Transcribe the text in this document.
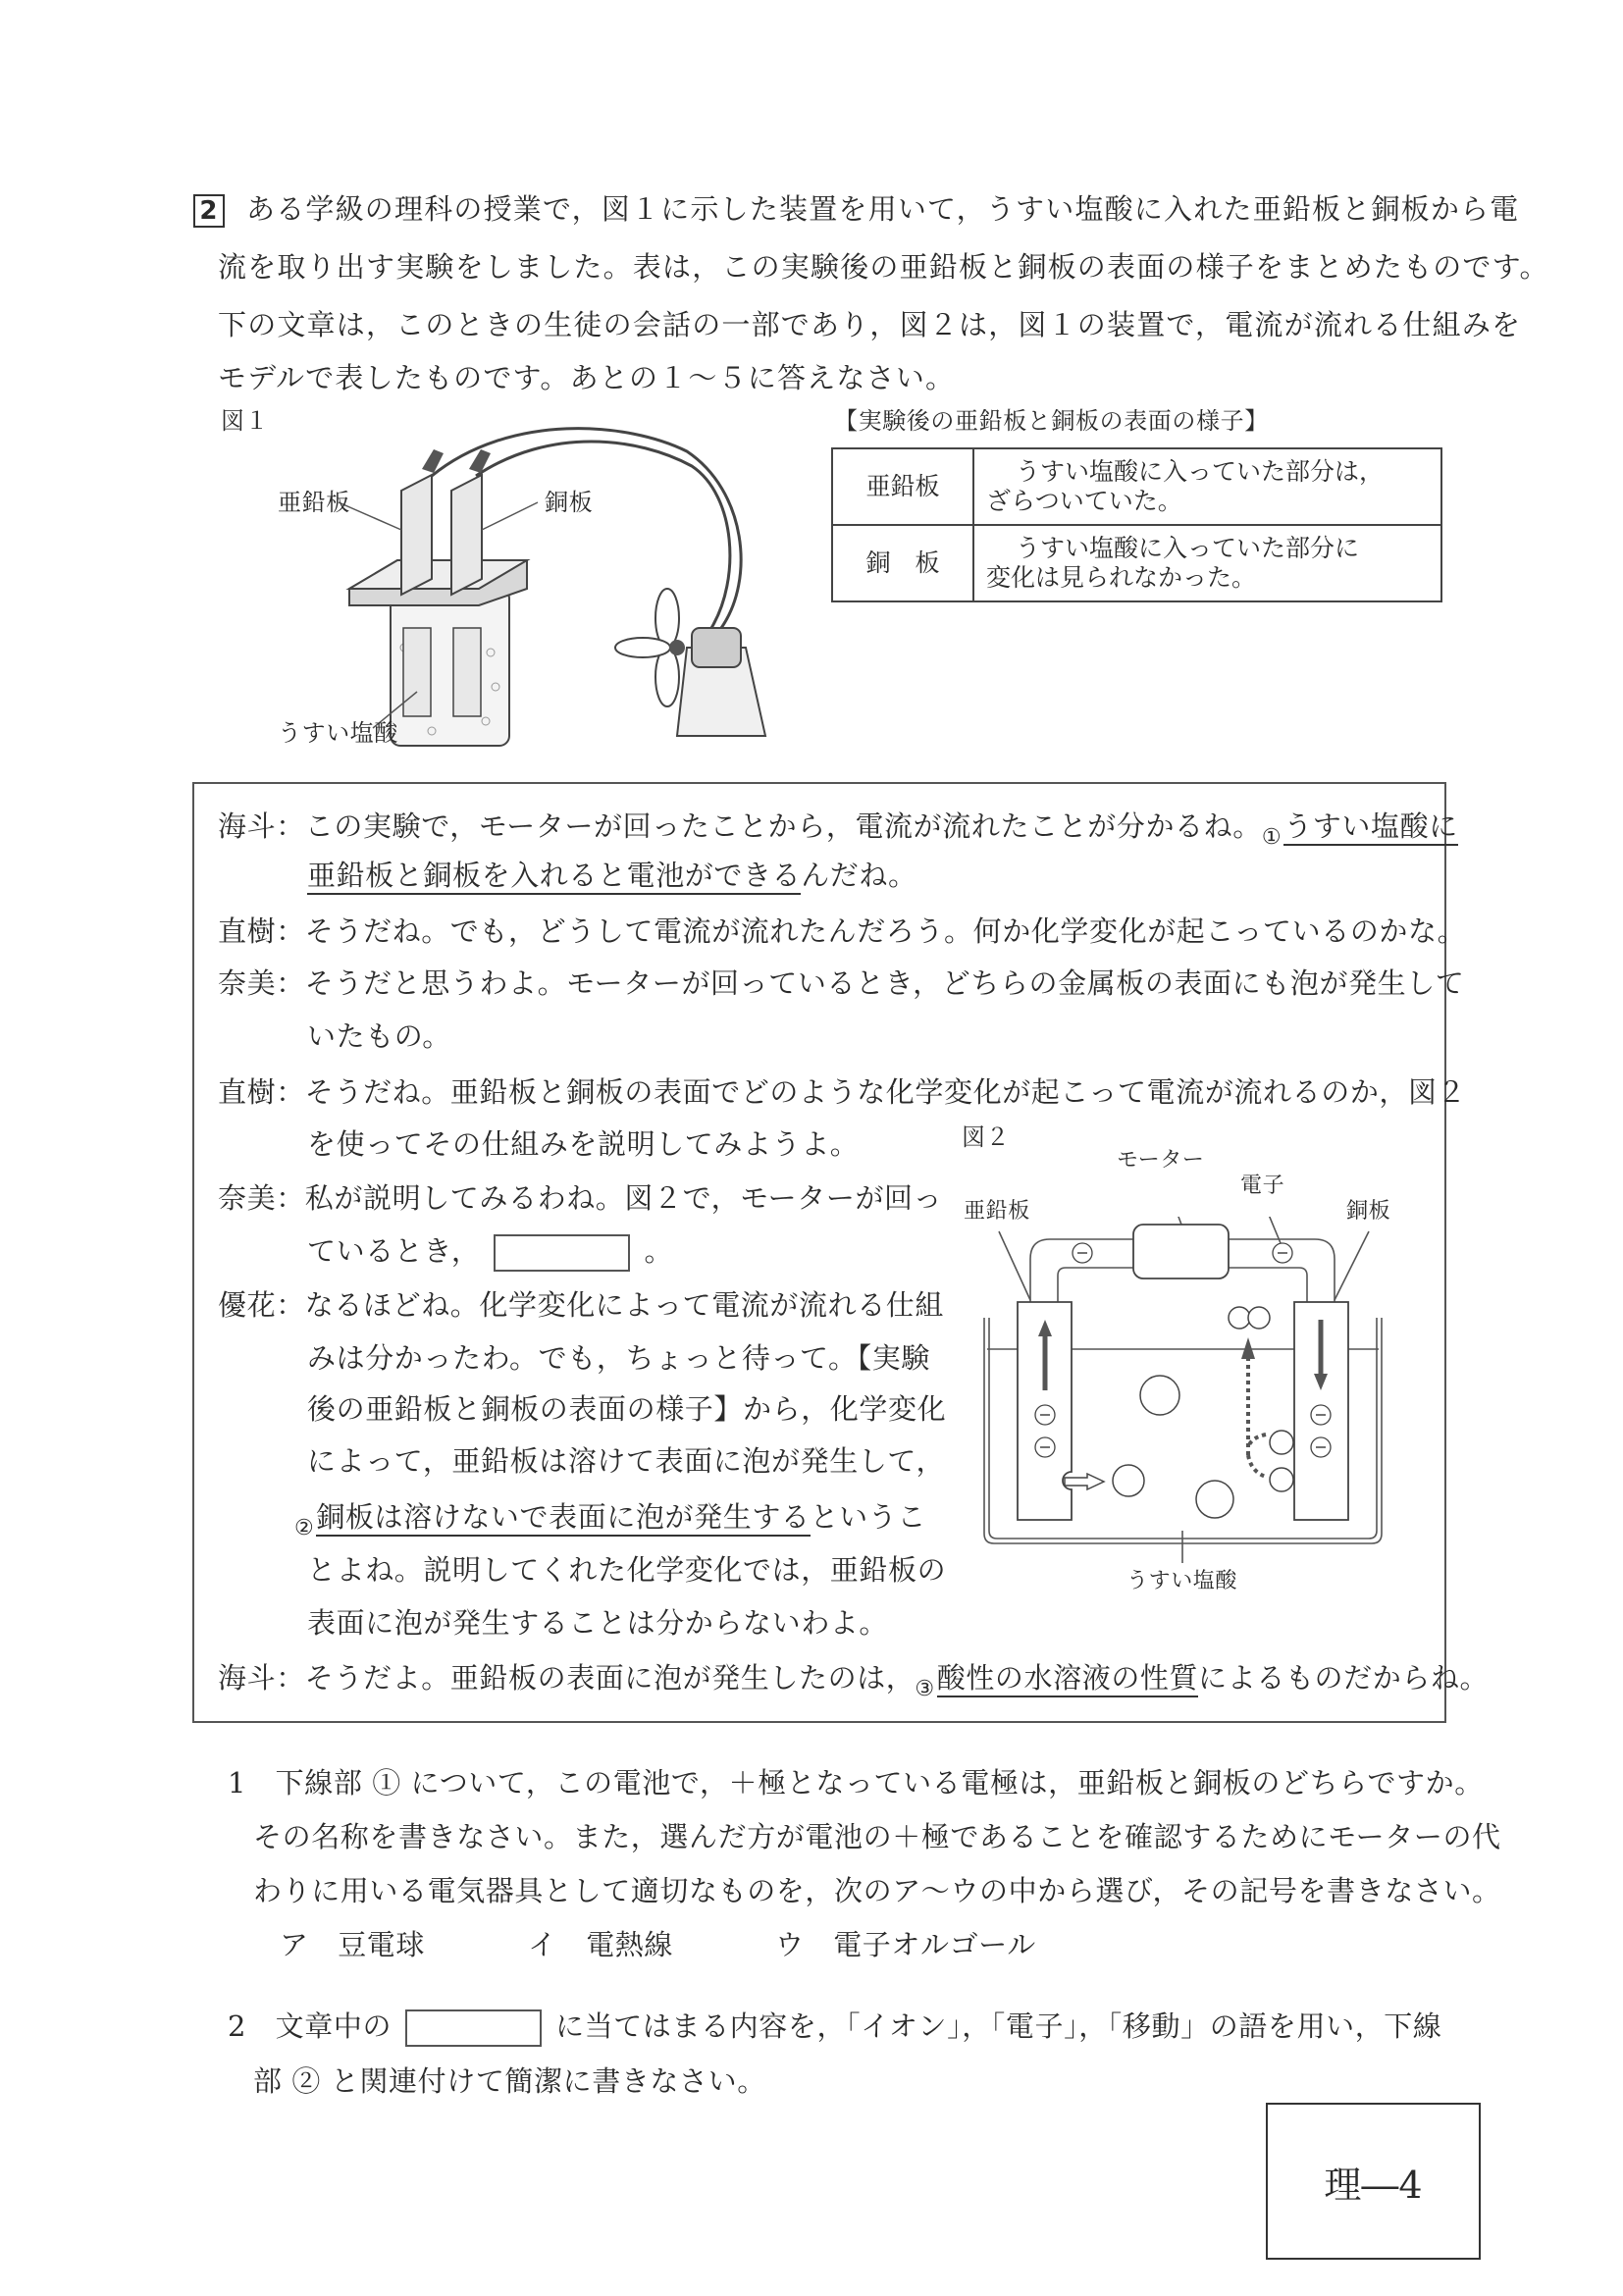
2 ある学級の理科の授業で，図１に示した装置を用いて，うすい塩酸に入れた亜鉛板と銅板から電
流を取り出す実験をしました。表は，この実験後の亜鉛板と銅板の表面の様子をまとめたものです。
下の文章は，このときの生徒の会話の一部であり，図２は，図１の装置で，電流が流れる仕組みを
モデルで表したものです。あとの１～５に答えなさい。
図１
亜鉛板	銅板
うすい塩酸
【実験後の亜鉛板と銅板の表面の様子】
亜鉛板	うすい塩酸に入っていた部分は，
ざらついていた。

銅　板	うすい塩酸に入っていた部分に
変化は見られなかった。
海斗：この実験で，モーターが回ったことから，電流が流れたことが分かるね。$_①$うすい塩酸に
亜鉛板と銅板を入れると電池ができるんだね。
直樹：そうだね。でも，どうして電流が流れたんだろう。何か化学変化が起こっているのかな。
奈美：そうだと思うわよ。モーターが回っているとき，どちらの金属板の表面にも泡が発生して
いたもの。
直樹：そうだね。亜鉛板と銅板の表面でどのような化学変化が起こって電流が流れるのか，図２
を使ってその仕組みを説明してみようよ。
奈美：私が説明してみるわね。図２で，モーターが回っ
ているとき，	。
優花：なるほどね。化学変化によって電流が流れる仕組
みは分かったわ。でも，ちょっと待って。【実験
後の亜鉛板と銅板の表面の様子】から，化学変化
によって，亜鉛板は溶けて表面に泡が発生して，
$_②$銅板は溶けないで表面に泡が発生するというこ
とよね。説明してくれた化学変化では，亜鉛板の
表面に泡が発生することは分からないわよ。
海斗：そうだよ。亜鉛板の表面に泡が発生したのは，$_③$酸性の水溶液の性質によるものだからね。
図２
モーター
電子
亜鉛板	銅板
うすい塩酸
1　下線部 ① について，この電池で，＋極となっている電極は，亜鉛板と銅板のどちらですか。
その名称を書きなさい。また，選んだ方が電池の＋極であることを確認するためにモーターの代
わりに用いる電気器具として適切なものを，次のア～ウの中から選び，その記号を書きなさい。
ア　豆電球	イ　電熱線	ウ　電子オルゴール
2　文章中の	に当てはまる内容を，「イオン」，「電子」，「移動」の語を用い，下線
部 ② と関連付けて簡潔に書きなさい。
理―4
